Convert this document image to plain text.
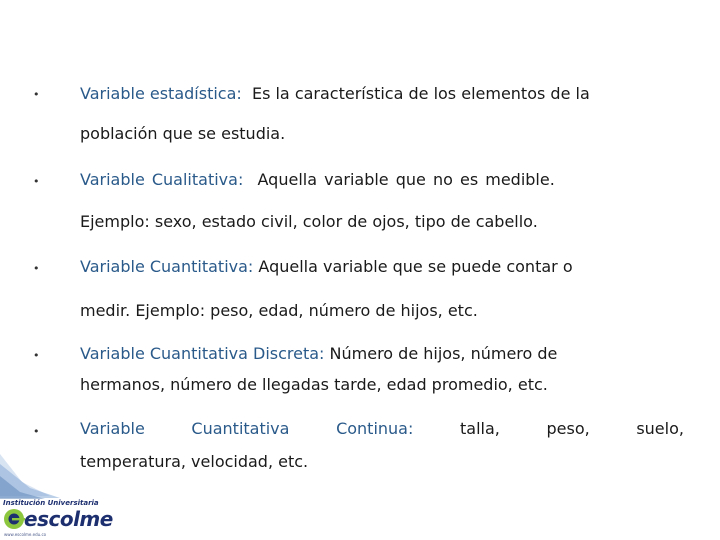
•	Variable estadística: Es la característica de los elementos de la
población que se estudia.
•	Variable Cualitativa: Aquella variable que no es medible.
Ejemplo: sexo, estado civil, color de ojos, tipo de cabello.
•	Variable Cuantitativa: Aquella variable que se puede contar o
medir. Ejemplo: peso, edad, número de hijos, etc.
•	Variable Cuantitativa Discreta: Número de hijos, número de
hermanos, número de llegadas tarde, edad promedio, etc.
•	Variable	Cuantitativa	Continua:	talla,	peso,	suelo,
temperatura, velocidad, etc.
Institución Universitaria
escolme
www.escolme.edu.co
